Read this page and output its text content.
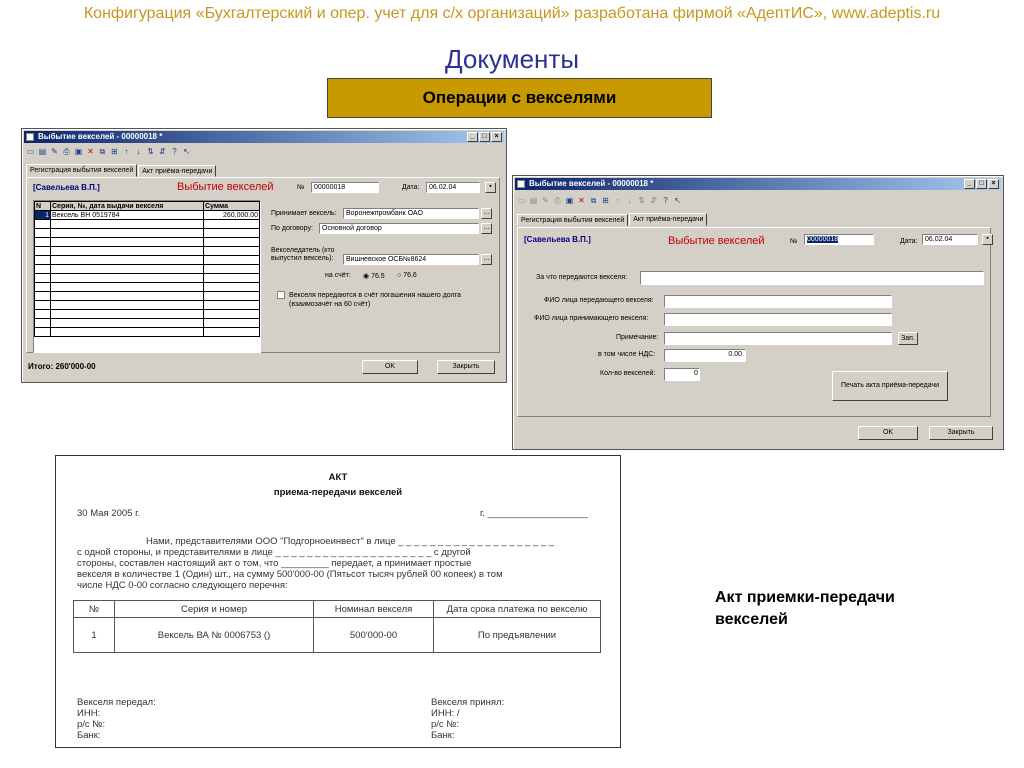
Конфигурация «Бухгалтерский и опер. учет для с/х организаций» разработана фирмой «АдептИС», www.adeptis.ru
Документы
Операции с векселями
Выбытие векселей - 00000018 *	_	□	×
▭ ▤ ✎ ⎙ ▣ ✕ ⧉ ⊞ ↑	↓ ⇅ ⇵ ? ↖
Регистрация выбытия векселей	Акт приёма-передачи
[Савельева В.П.]	Выбытие векселей	№	00000018	Дата:	06.02.04	▪
N	Серия, №, дата выдачи векселя	Сумма
1	Вексель ВН 0519784	260,000.00

		Принимает вексель:	Воронежпромбанк ОАО	...
По договору:	Основной договор	...
Векселедатель (кто выпустил вексель):	Вишневское ОСБ№8624	...
на счёт: ◉ 76.5 ○ 76.6
Векселя передаются в счёт погашения нашего долга (взаимозачёт на 60 счёт)
Итого: 260'000-00	OK	Закрыть
Выбытие векселей - 00000018 *	_	□	×
▭ ▤ ✎ ⎙ ▣ ✕ ⧉ ⊞ ↑	↓ ⇅ ⇵ ? ↖
Регистрация выбытия векселей	Акт приёма-передачи
[Савельева В.П.]	Выбытие векселей	№	00000018	Дата:	06.02.04	▪
За что передаются векселя:
ФИО лица передающего векселя:
ФИО лица принимающего векселя:
Примечание:	Зап.
в том числе НДС:	0.00
Кол-во векселей:	0
Печать акта приёма-передачи
OK	Закрыть
АКТ
приема-передачи векселей
30 Мая 2005 г.	г. ___________________
Нами, представителями ООО "Подгорноеинвест" в лице _ _ _ _ _ _ _ _ _ _ _ _ _ _ _ _ _ _ _ _
с одной стороны, и представителями в лице _ _ _ _ _ _ _ _ _ _ _ _ _ _ _ _ _ _ _ _ с другой
стороны, составлен настоящий акт о том, что _________ передает, а принимает простые
векселя в количестве 1 (Один) шт., на сумму 500'000-00 (Пятьсот тысяч рублей 00 копеек) в том
числе НДС 0-00 согласно следующего перечня:
№	Серия и номер	Номинал векселя	Дата срока платежа по векселю
1	Вексель ВА № 0006753 ()	500'000-00	По предъявлении
Векселя передал:
ИНН:
р/с №:
Банк:
Векселя принял:
ИНН: /
р/с №:
Банк:
Акт приемки-передачи векселей
